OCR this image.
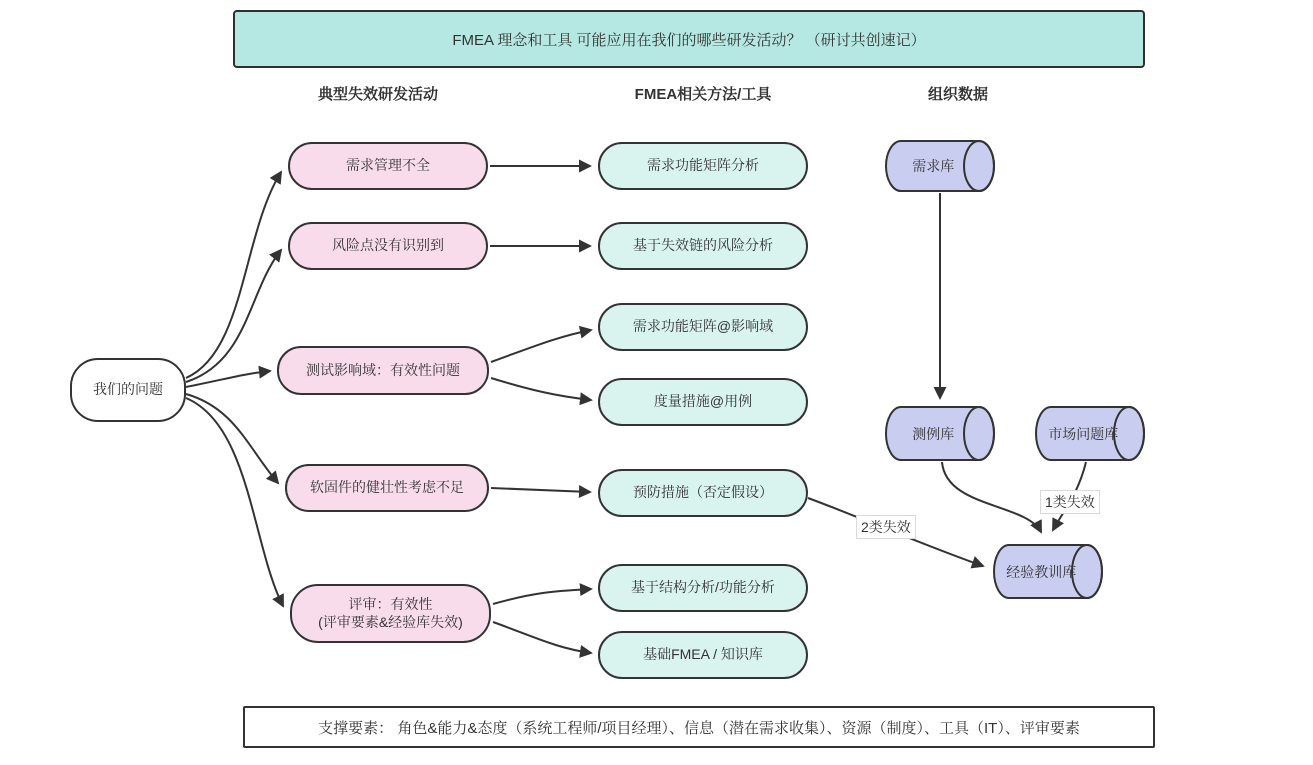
FMEA 理念和工具 可能应用在我们的哪些研发活动？ （研讨共创速记）
典型失效研发活动	FMEA相关方法/工具	组织数据
我们的问题
需求管理不全
风险点没有识别到
测试影响域：有效性问题
软固件的健壮性考虑不足
评审：有效性
(评审要素&经验库失效)
需求功能矩阵分析
基于失效链的风险分析
需求功能矩阵@影响域
度量措施@用例
预防措施（否定假设）
基于结构分析/功能分析
基础FMEA / 知识库
需求库
测例库	市场问题库
经验教训库
2类失效
1类失效
支撑要素： 角色&能力&态度（系统工程师/项目经理）、信息（潜在需求收集）、资源（制度）、工具（IT）、评审要素
